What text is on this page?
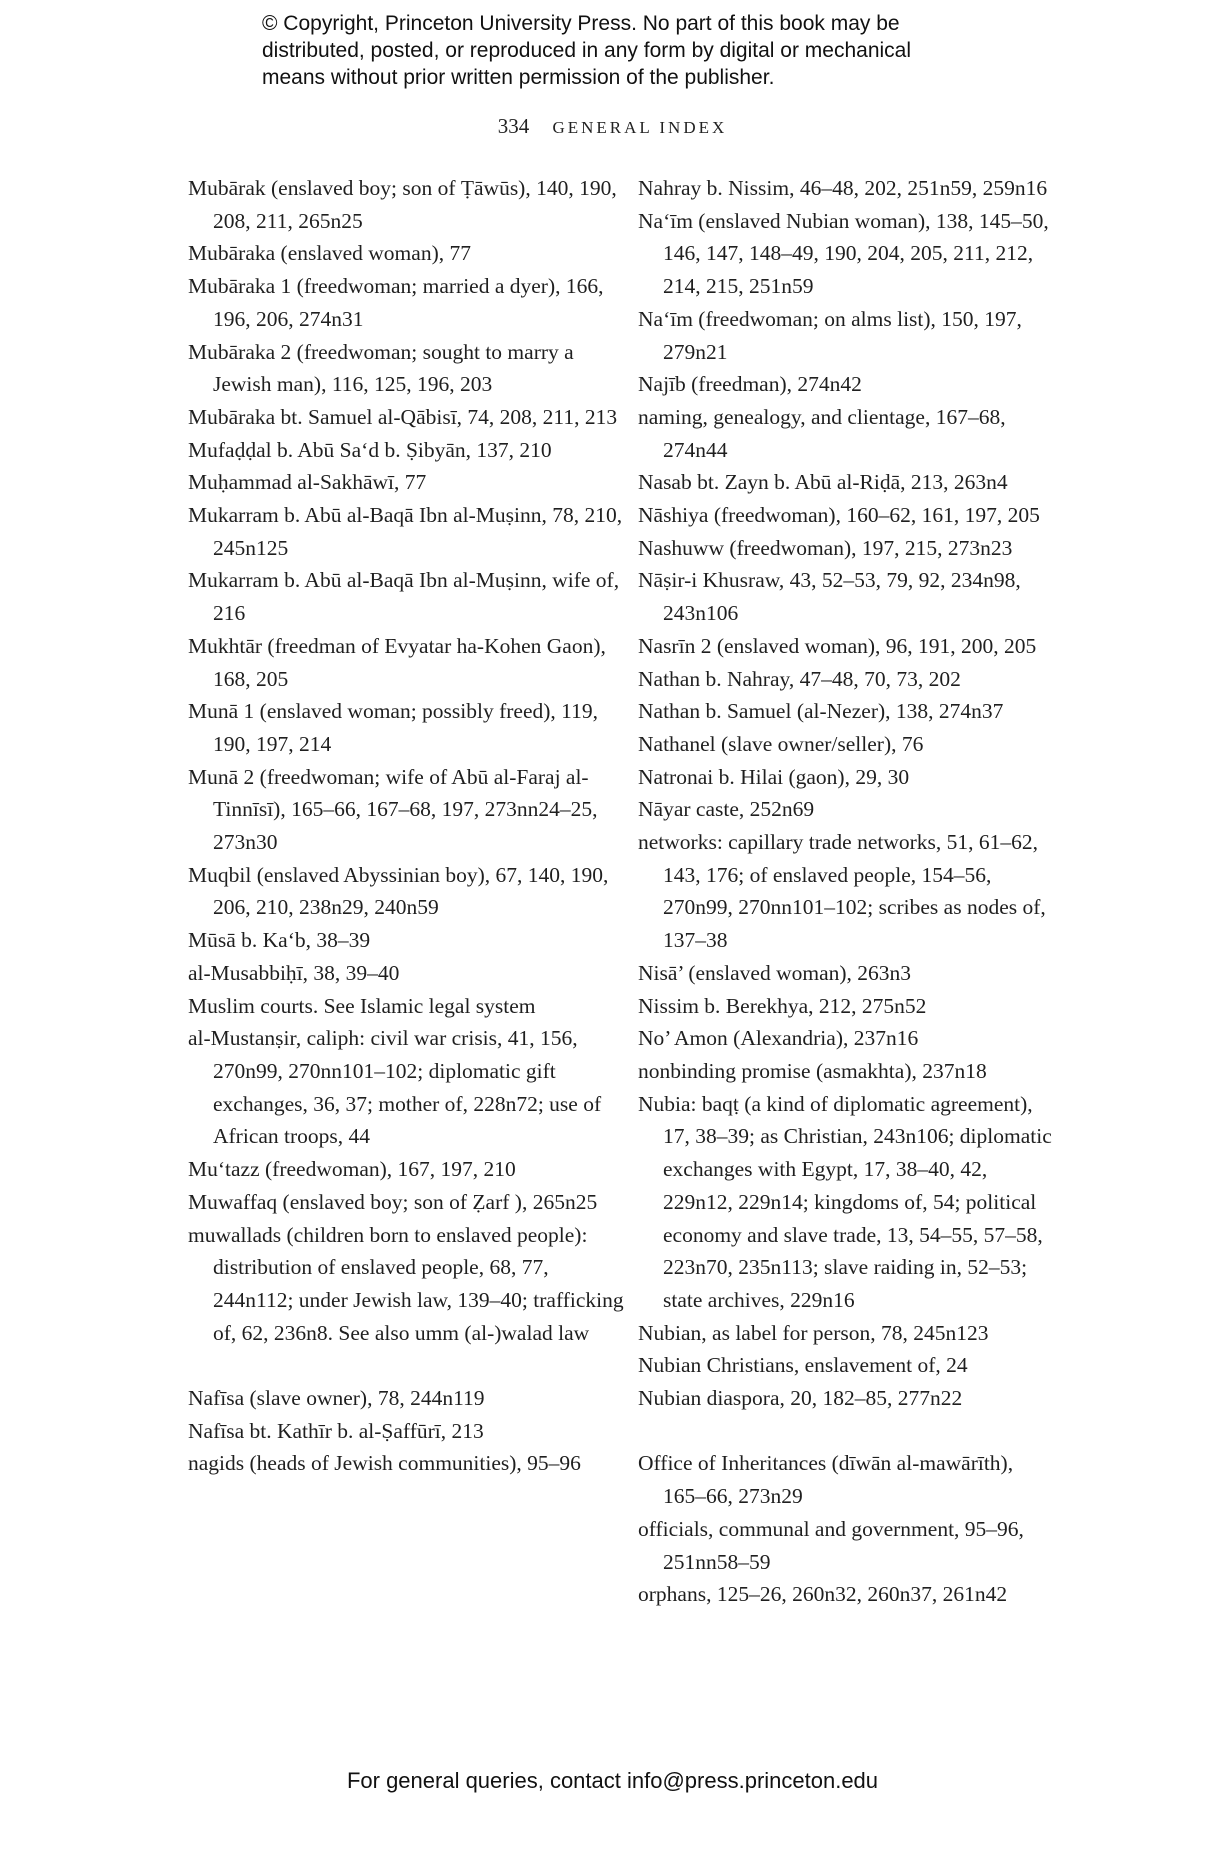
© Copyright, Princeton University Press. No part of this book may be
distributed, posted, or reproduced in any form by digital or mechanical
means without prior written permission of the publisher.
334 GENERAL INDEX
Mubārak (enslaved boy; son of Ṭāwūs), 140, 190, 208, 211, 265n25
Mubāraka (enslaved woman), 77
Mubāraka 1 (freedwoman; married a dyer), 166, 196, 206, 274n31
Mubāraka 2 (freedwoman; sought to marry a Jewish man), 116, 125, 196, 203
Mubāraka bt. Samuel al-Qābisī, 74, 208, 211, 213
Mufaḍḍal b. Abū Sa‘d b. Ṣibyān, 137, 210
Muḥammad al-Sakhāwī, 77
Mukarram b. Abū al-Baqā Ibn al-Muṣinn, 78, 210, 245n125
Mukarram b. Abū al-Baqā Ibn al-Muṣinn, wife of, 216
Mukhtār (freedman of Evyatar ha-Kohen Gaon), 168, 205
Munā 1 (enslaved woman; possibly freed), 119, 190, 197, 214
Munā 2 (freedwoman; wife of Abū al-Faraj al-Tinnīsī), 165–66, 167–68, 197, 273nn24–25, 273n30
Muqbil (enslaved Abyssinian boy), 67, 140, 190, 206, 210, 238n29, 240n59
Mūsā b. Ka‘b, 38–39
al-Musabbiḥī, 38, 39–40
Muslim courts. See Islamic legal system
al-Mustanṣir, caliph: civil war crisis, 41, 156, 270n99, 270nn101–102; diplomatic gift exchanges, 36, 37; mother of, 228n72; use of African troops, 44
Mu‘tazz (freedwoman), 167, 197, 210
Muwaffaq (enslaved boy; son of Ẓarf ), 265n25
muwallads (children born to enslaved people): distribution of enslaved people, 68, 77, 244n112; under Jewish law, 139–40; trafficking of, 62, 236n8. See also umm (al-)walad law
Nafīsa (slave owner), 78, 244n119
Nafīsa bt. Kathīr b. al-Ṣaffūrī, 213
nagids (heads of Jewish communities), 95–96
Nahray b. Nissim, 46–48, 202, 251n59, 259n16
Na‘īm (enslaved Nubian woman), 138, 145–50, 146, 147, 148–49, 190, 204, 205, 211, 212, 214, 215, 251n59
Na‘īm (freedwoman; on alms list), 150, 197, 279n21
Najīb (freedman), 274n42
naming, genealogy, and clientage, 167–68, 274n44
Nasab bt. Zayn b. Abū al-Riḍā, 213, 263n4
Nāshiya (freedwoman), 160–62, 161, 197, 205
Nashuww (freedwoman), 197, 215, 273n23
Nāṣir-i Khusraw, 43, 52–53, 79, 92, 234n98, 243n106
Nasrīn 2 (enslaved woman), 96, 191, 200, 205
Nathan b. Nahray, 47–48, 70, 73, 202
Nathan b. Samuel (al-Nezer), 138, 274n37
Nathanel (slave owner/seller), 76
Natronai b. Hilai (gaon), 29, 30
Nāyar caste, 252n69
networks: capillary trade networks, 51, 61–62, 143, 176; of enslaved people, 154–56, 270n99, 270nn101–102; scribes as nodes of, 137–38
Nisā’ (enslaved woman), 263n3
Nissim b. Berekhya, 212, 275n52
No’ Amon (Alexandria), 237n16
nonbinding promise (asmakhta), 237n18
Nubia: baqṭ (a kind of diplomatic agreement), 17, 38–39; as Christian, 243n106; diplomatic exchanges with Egypt, 17, 38–40, 42, 229n12, 229n14; kingdoms of, 54; political economy and slave trade, 13, 54–55, 57–58, 223n70, 235n113; slave raiding in, 52–53; state archives, 229n16
Nubian, as label for person, 78, 245n123
Nubian Christians, enslavement of, 24
Nubian diaspora, 20, 182–85, 277n22
Office of Inheritances (dīwān al-mawārīth), 165–66, 273n29
officials, communal and government, 95–96, 251nn58–59
orphans, 125–26, 260n32, 260n37, 261n42
For general queries, contact info@press.princeton.edu
